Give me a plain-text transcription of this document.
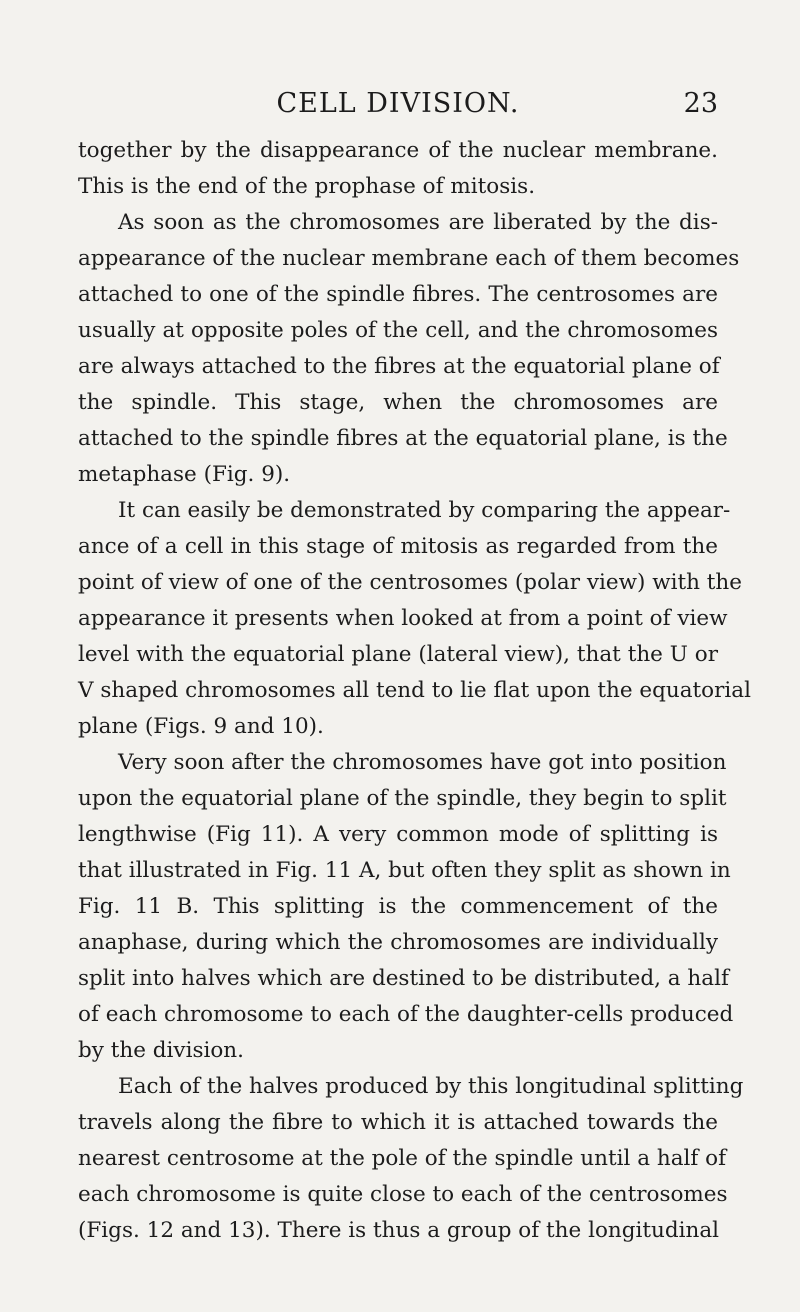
CELL DIVISION.	23
together by the disappearance of the nuclear membrane.
This is the end of the prophase of mitosis.
As soon as the chromosomes are liberated by the dis-
appearance of the nuclear membrane each of them becomes
attached to one of the spindle fibres. The centrosomes are
usually at opposite poles of the cell, and the chromosomes
are always attached to the fibres at the equatorial plane of
the spindle. This stage, when the chromosomes are
attached to the spindle fibres at the equatorial plane, is the
metaphase (Fig. 9).
It can easily be demonstrated by comparing the appear-
ance of a cell in this stage of mitosis as regarded from the
point of view of one of the centrosomes (polar view) with the
appearance it presents when looked at from a point of view
level with the equatorial plane (lateral view), that the U or
V shaped chromosomes all tend to lie flat upon the equatorial
plane (Figs. 9 and 10).
Very soon after the chromosomes have got into position
upon the equatorial plane of the spindle, they begin to split
lengthwise (Fig 11). A very common mode of splitting is
that illustrated in Fig. 11 A, but often they split as shown in
Fig. 11 B. This splitting is the commencement of the
anaphase, during which the chromosomes are individually
split into halves which are destined to be distributed, a half
of each chromosome to each of the daughter-cells produced
by the division.
Each of the halves produced by this longitudinal splitting
travels along the fibre to which it is attached towards the
nearest centrosome at the pole of the spindle until a half of
each chromosome is quite close to each of the centrosomes
(Figs. 12 and 13). There is thus a group of the longitudinal
